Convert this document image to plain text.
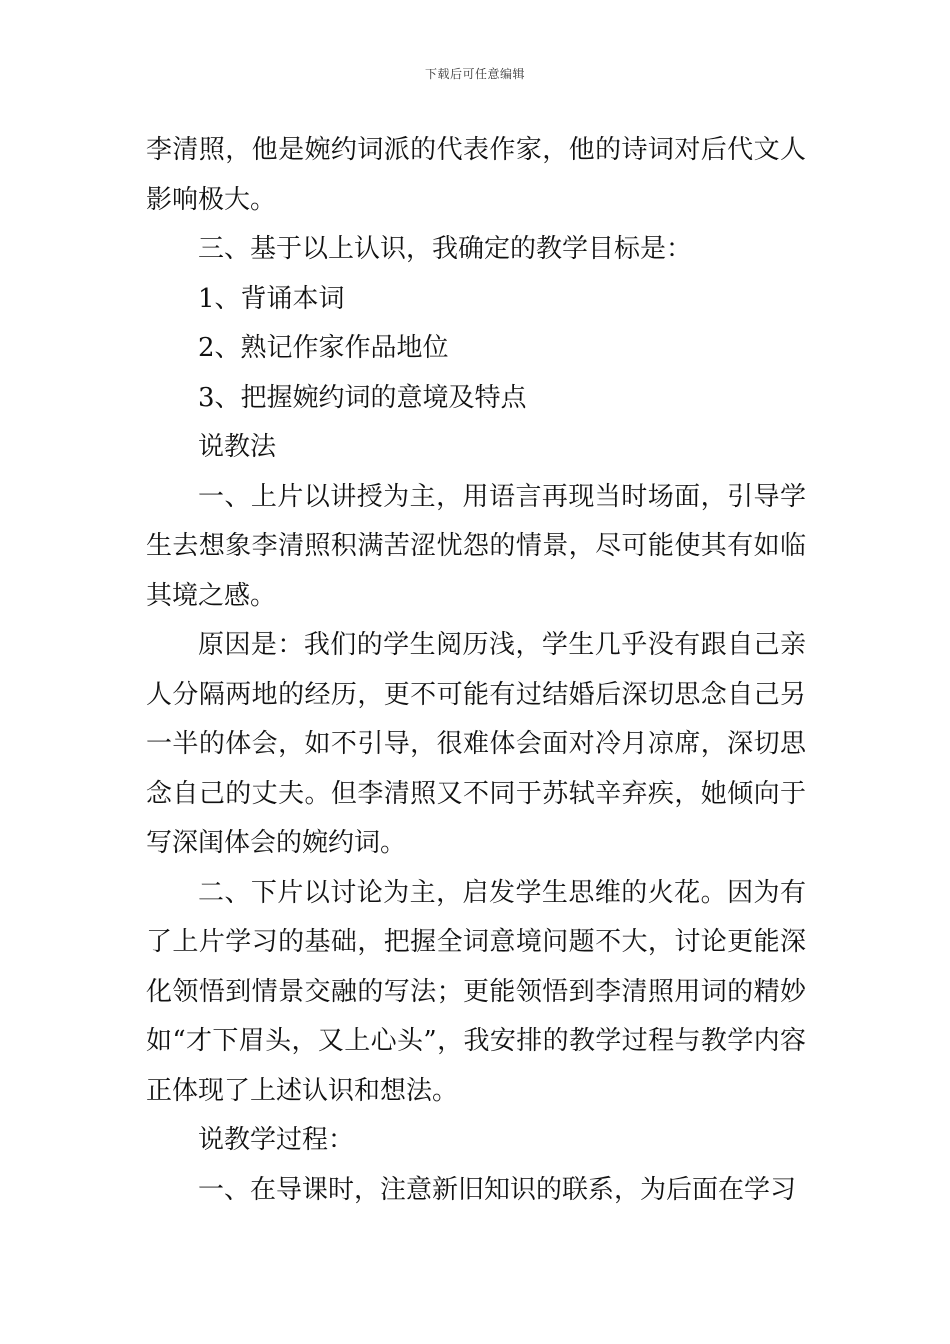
下载后可任意编辑

李清照，他是婉约词派的代表作家，他的诗词对后代文人影响极大。

三、基于以上认识，我确定的教学目标是：

1、背诵本词

2、熟记作家作品地位

3、把握婉约词的意境及特点

说教法

一、上片以讲授为主，用语言再现当时场面，引导学生去想象李清照积满苦涩忧怨的情景，尽可能使其有如临其境之感。

原因是：我们的学生阅历浅，学生几乎没有跟自己亲人分隔两地的经历，更不可能有过结婚后深切思念自己另一半的体会，如不引导，很难体会面对冷月凉席，深切思念自己的丈夫。但李清照又不同于苏轼辛弃疾，她倾向于写深闺体会的婉约词。

二、下片以讨论为主，启发学生思维的火花。因为有了上片学习的基础，把握全词意境问题不大，讨论更能深化领悟到情景交融的写法；更能领悟到李清照用词的精妙如“才下眉头，又上心头”，我安排的教学过程与教学内容正体现了上述认识和想法。

说教学过程：

一、在导课时，注意新旧知识的联系，为后面在学习
